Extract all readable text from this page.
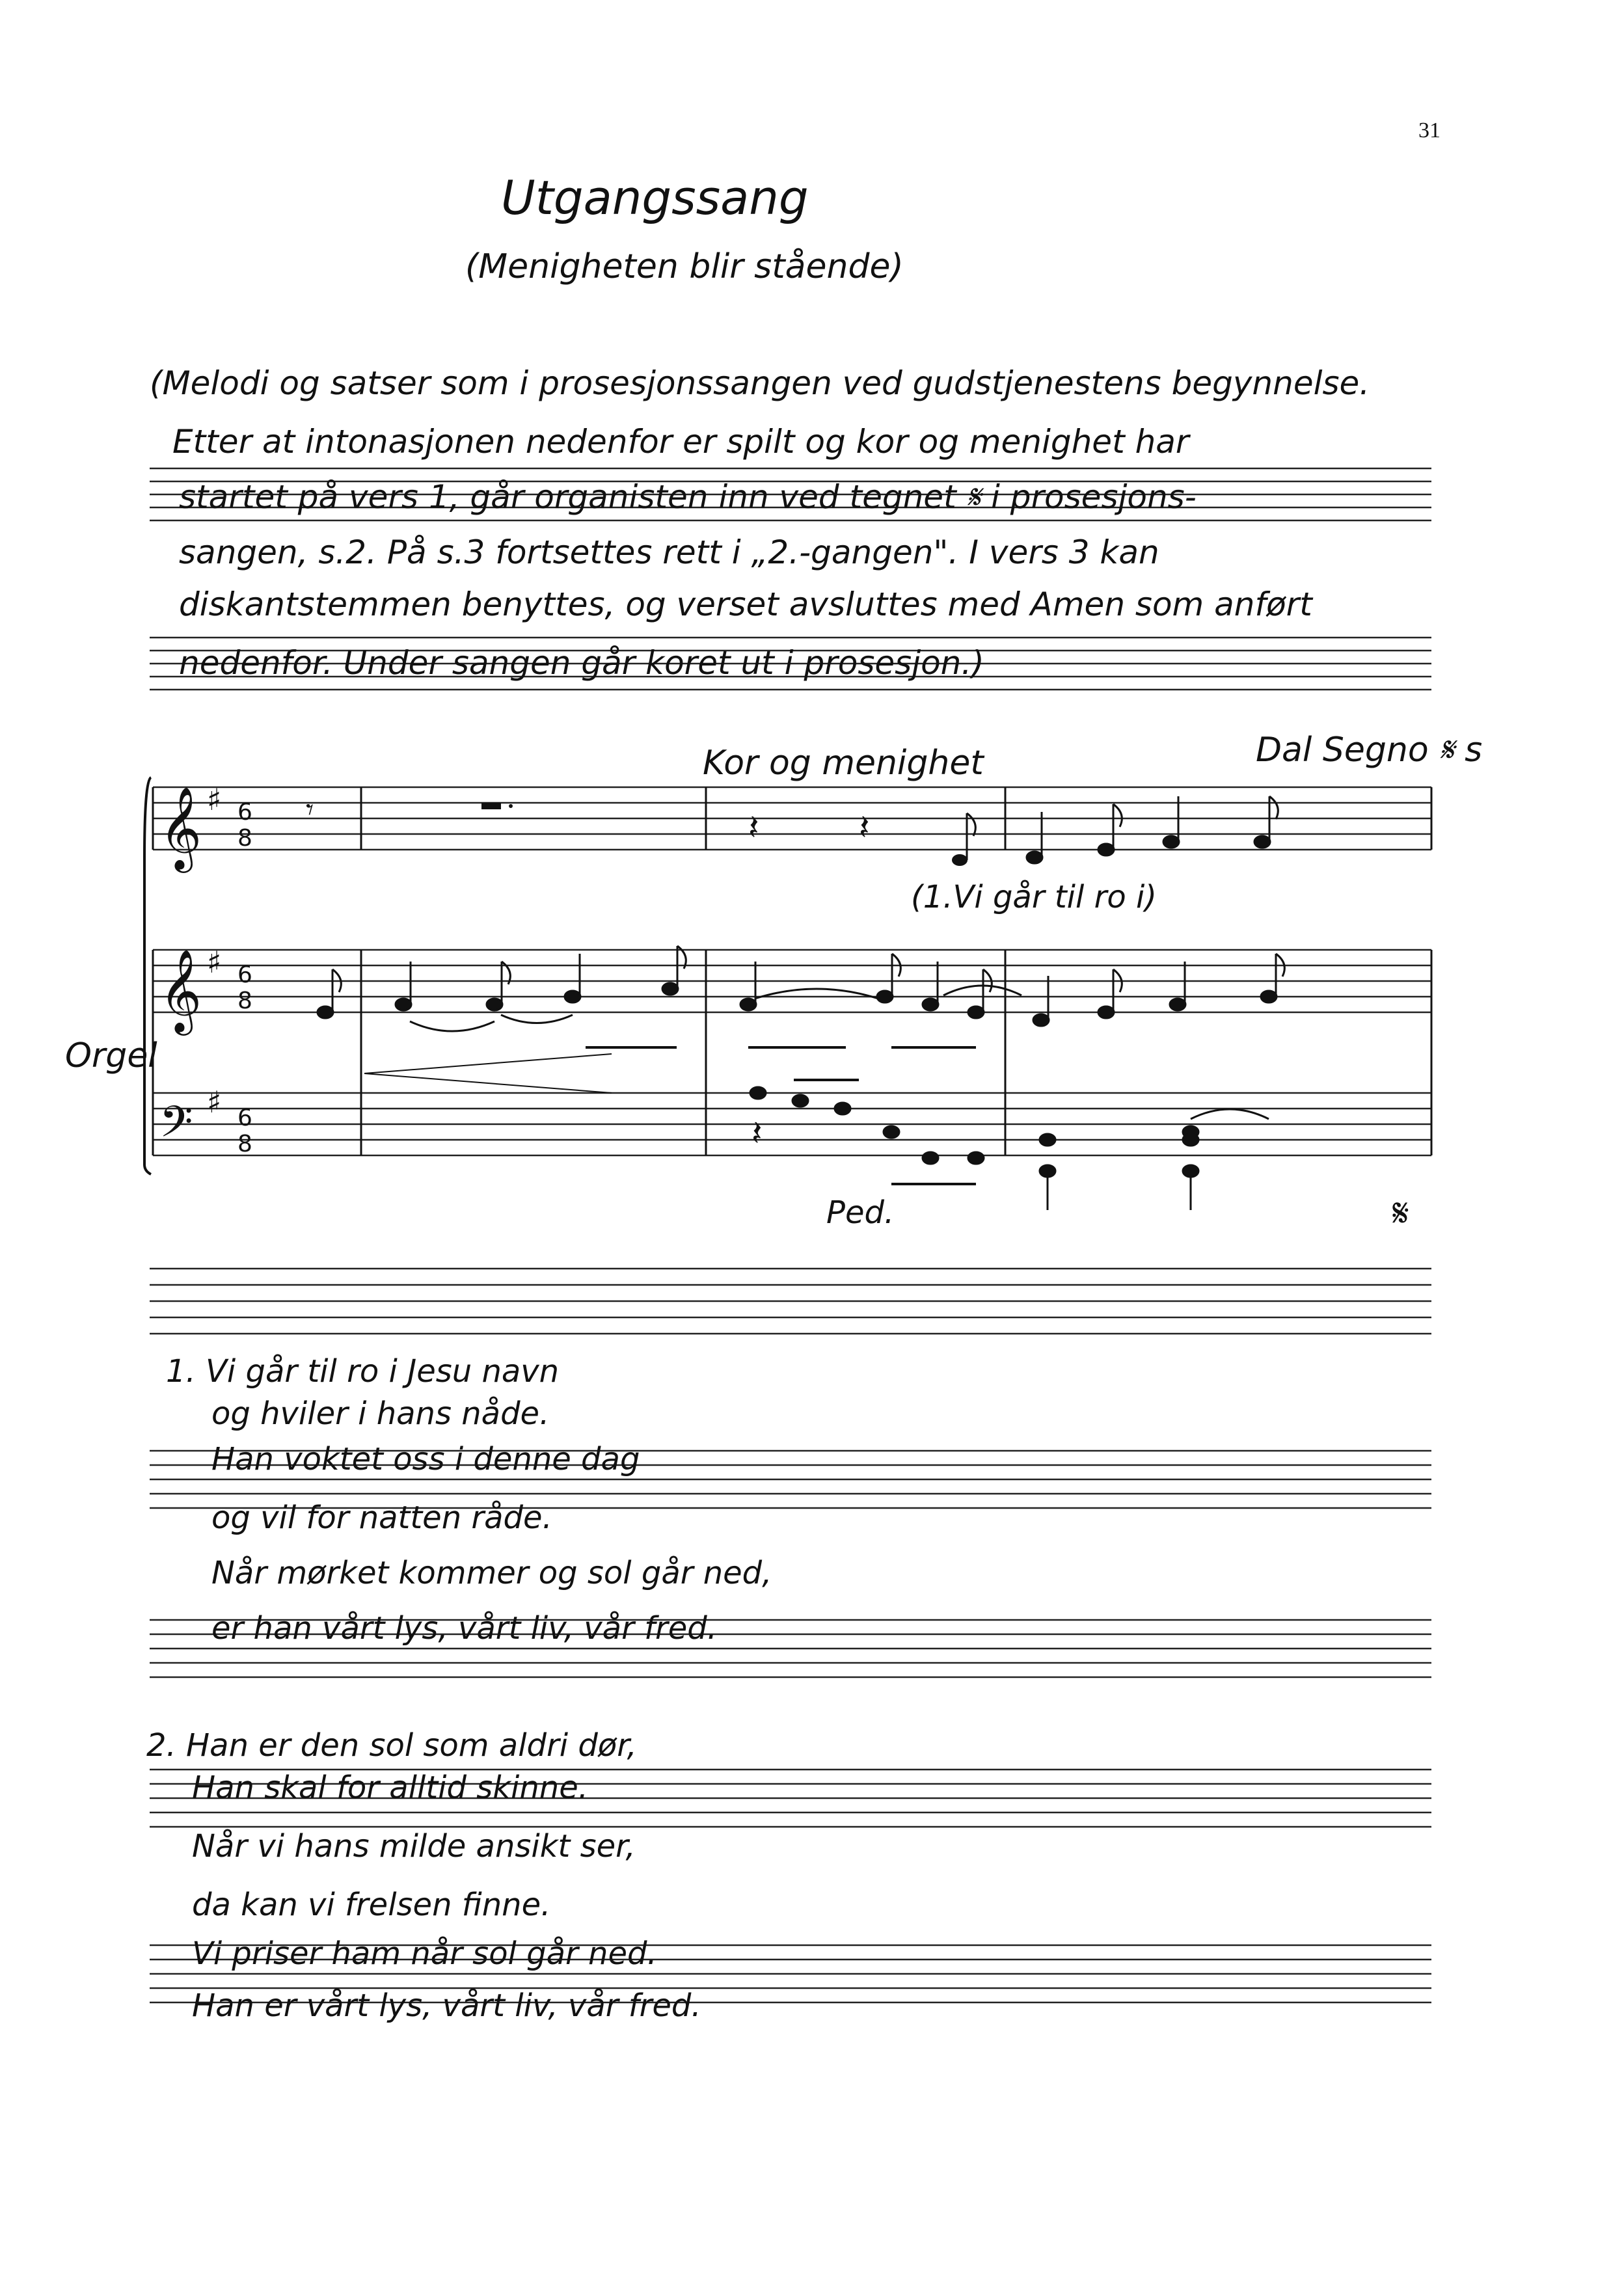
31
Utgangssang
(Menigheten blir stående)
(Melodi og satser som i prosesjonssangen ved gudstjenestens begynnelse.
Etter at intonasjonen nedenfor er spilt og kor og menighet har
startet på vers 1, går organisten inn ved tegnet 𝄋 i prosesjons-
sangen, s.2. På s.3 fortsettes rett i „2.-gangen". I vers 3 kan
diskantstemmen benyttes, og verset avsluttes med Amen som anført
nedenfor. Under sangen går koret ut i prosesjon.)
𝄞 ♯ 6
8
𝄾
𝄞 ♯ 6
8
𝄢 ♯ 6
8
𝄽	𝄽
𝄽
Kor og menighet	Dal Segno 𝄋 s
(1.Vi går til ro i)
Orgel
Ped.	𝄋
1. Vi går til ro i Jesu navn
og hviler i hans nåde.
Han voktet oss i denne dag
og vil for natten råde.
Når mørket kommer og sol går ned,
er han vårt lys, vårt liv, vår fred.
2. Han er den sol som aldri dør,
Han skal for alltid skinne.
Når vi hans milde ansikt ser,
da kan vi frelsen finne.
Vi priser ham når sol går ned.
Han er vårt lys, vårt liv, vår fred.
